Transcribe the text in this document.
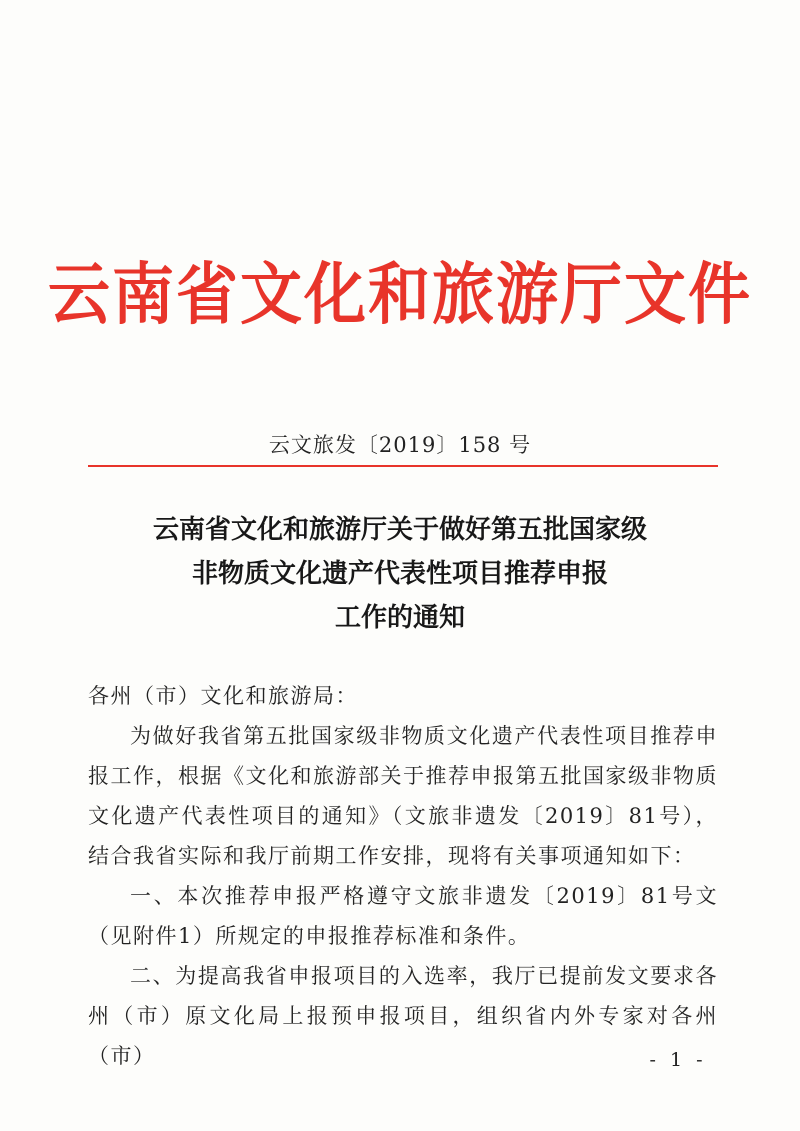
云南省文化和旅游厅文件
云文旅发〔2019〕158 号
云南省文化和旅游厅关于做好第五批国家级
非物质文化遗产代表性项目推荐申报
工作的通知

各州（市）文化和旅游局：

为做好我省第五批国家级非物质文化遗产代表性项目推荐申报工作，根据《文化和旅游部关于推荐申报第五批国家级非物质文化遗产代表性项目的通知》（文旅非遗发〔2019〕81号），结合我省实际和我厅前期工作安排，现将有关事项通知如下：

一、本次推荐申报严格遵守文旅非遗发〔2019〕81号文（见附件1）所规定的申报推荐标准和条件。

二、为提高我省申报项目的入选率，我厅已提前发文要求各州（市）原文化局上报预申报项目，组织省内外专家对各州（市）	- 1 -
